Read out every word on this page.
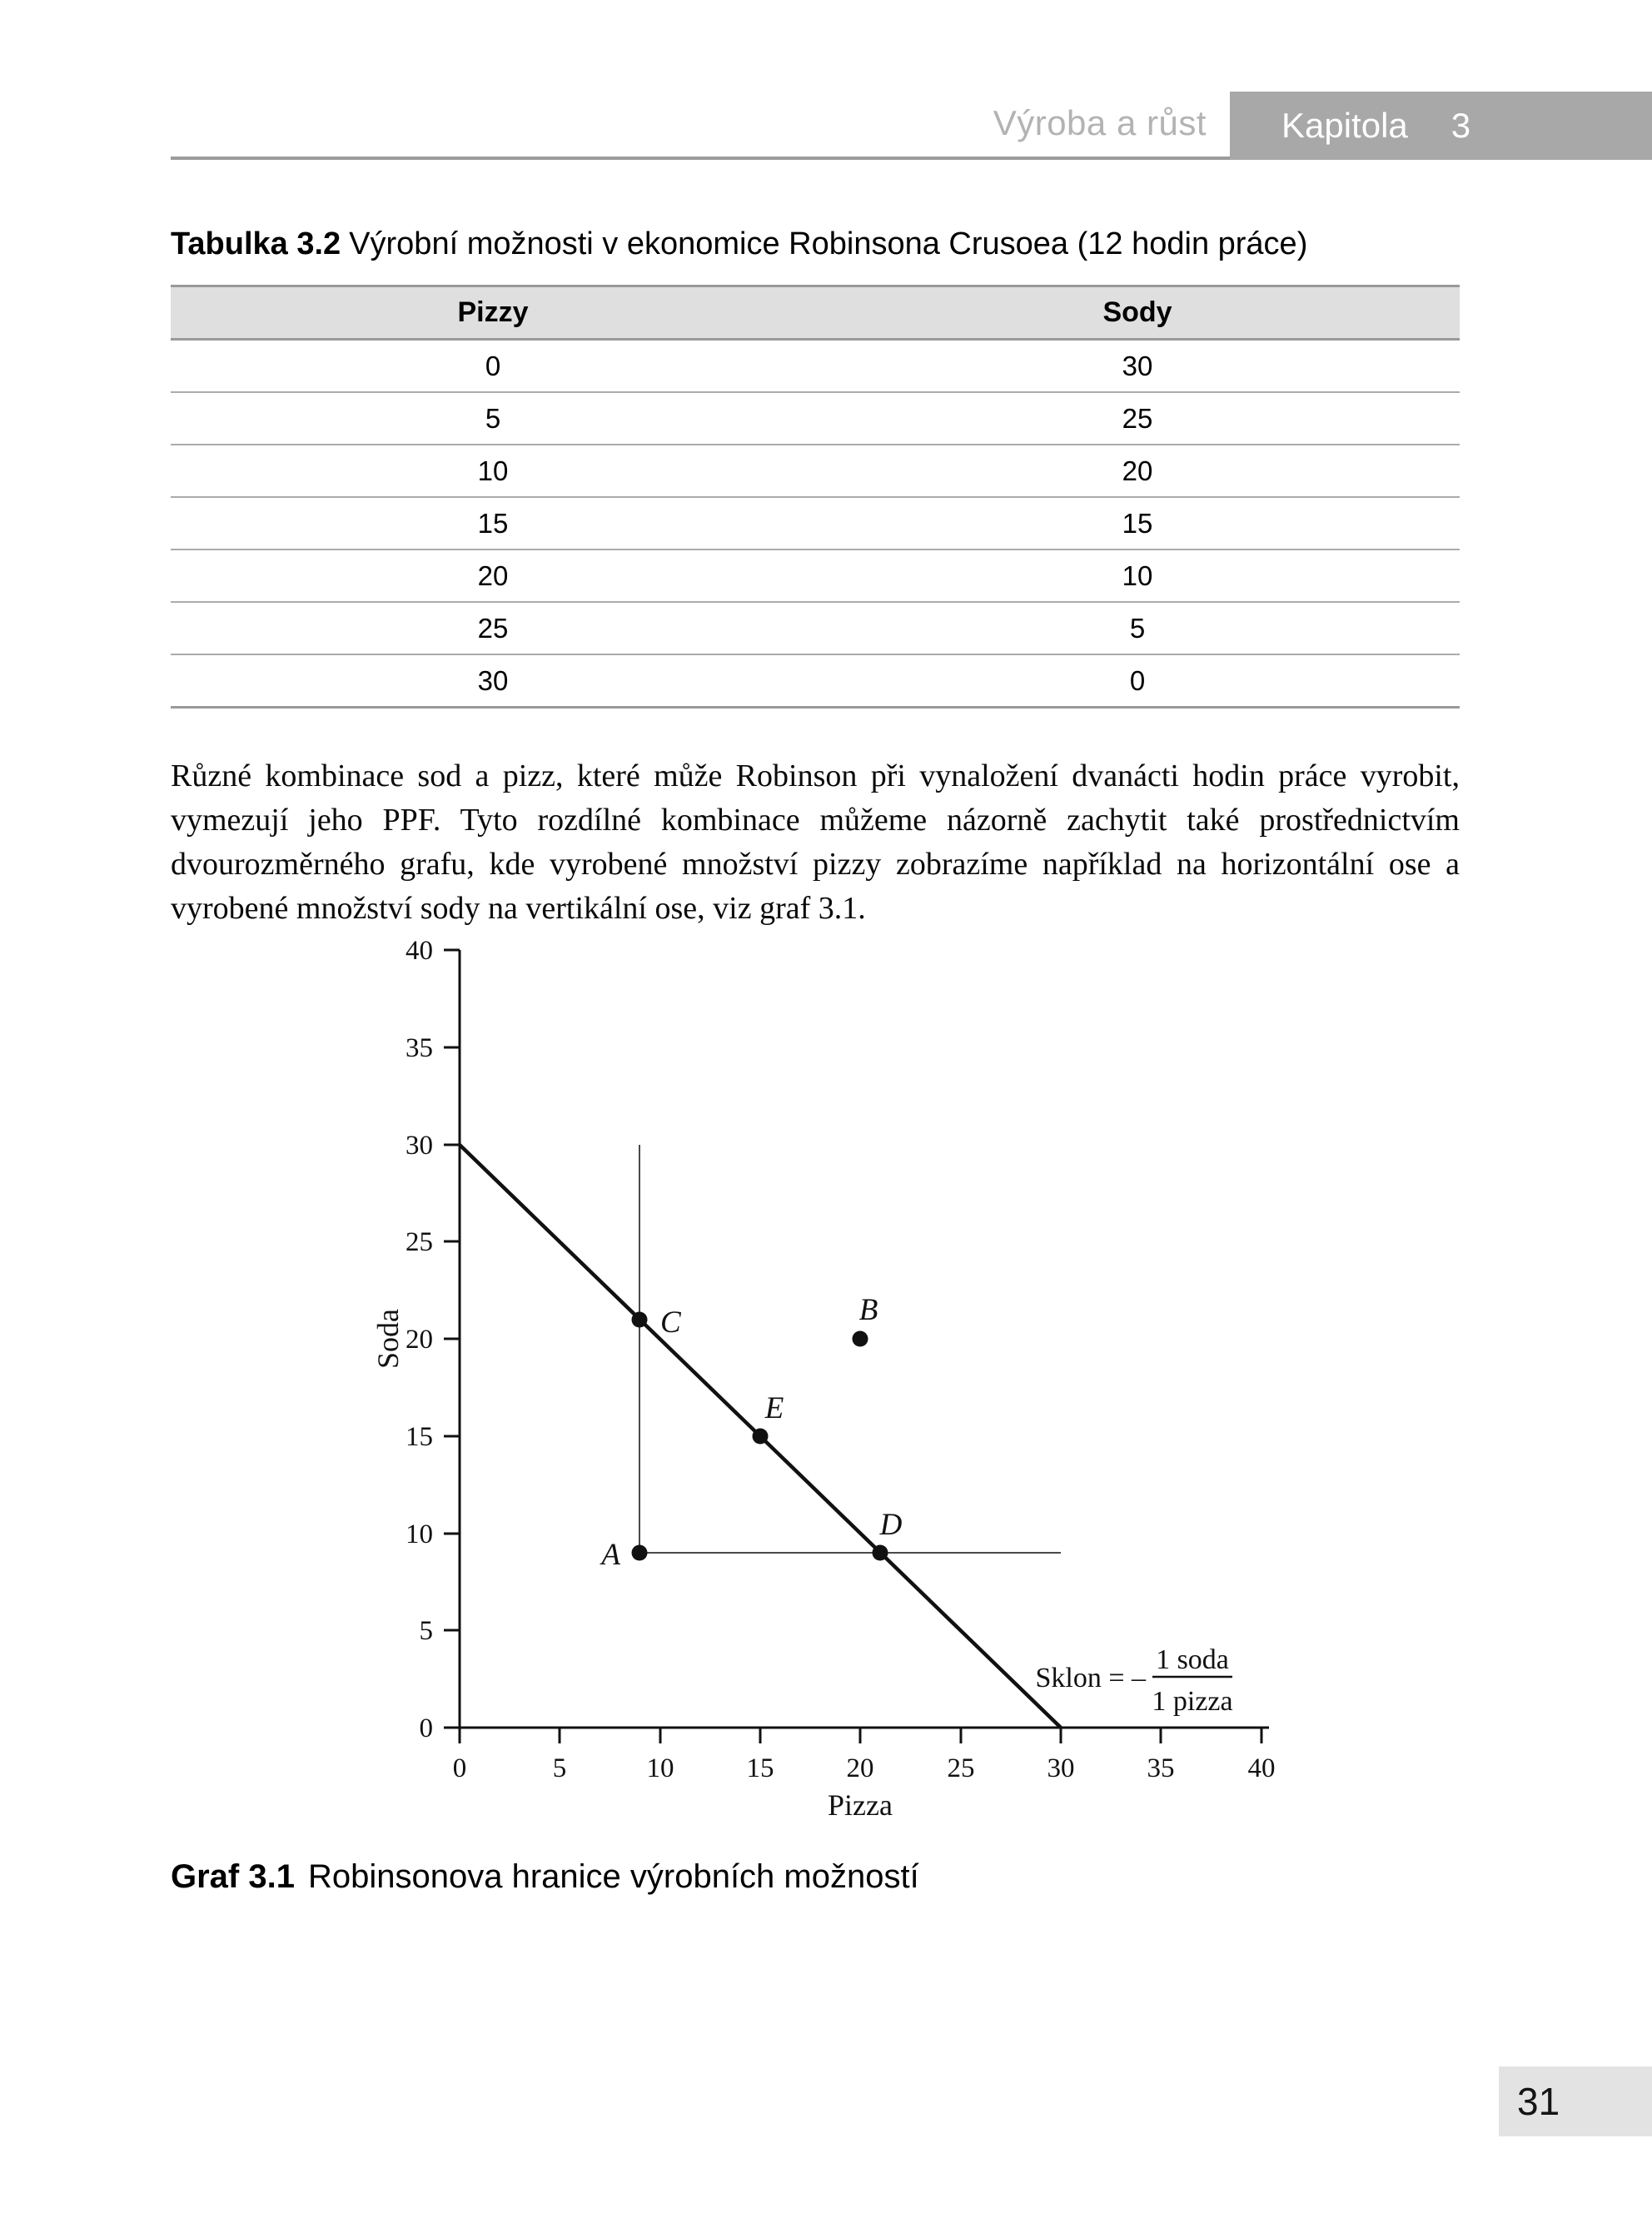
Výroba a růst Kapitola 3
Tabulka 3.2 Výrobní možnosti v ekonomice Robinsona Crusoea (12 hodin práce)
Pizzy	Sody
0	30
5	25
10	20
15	15
20	10
25	5
30	0

Různé kombinace sod a pizz, které může Robinson při vynaložení dvanácti hodin práce vyrobit, vymezují jeho PPF. Tyto rozdílné kombinace můžeme názorně zachytit také prostřednictvím dvourozměrného grafu, kde vyrobené množství pizzy zobrazíme například na horizontální ose a vyrobené množství sody na vertikální ose, viz graf 3.1.

40
35
30
25
20
15
10
5
0
0	5	10	15	20	25	30	35	40
Soda
Pizza
A
B
C
D
E
Sklon = –
1 soda
1 pizza
Graf 3.1 Robinsonova hranice výrobních možností
31
